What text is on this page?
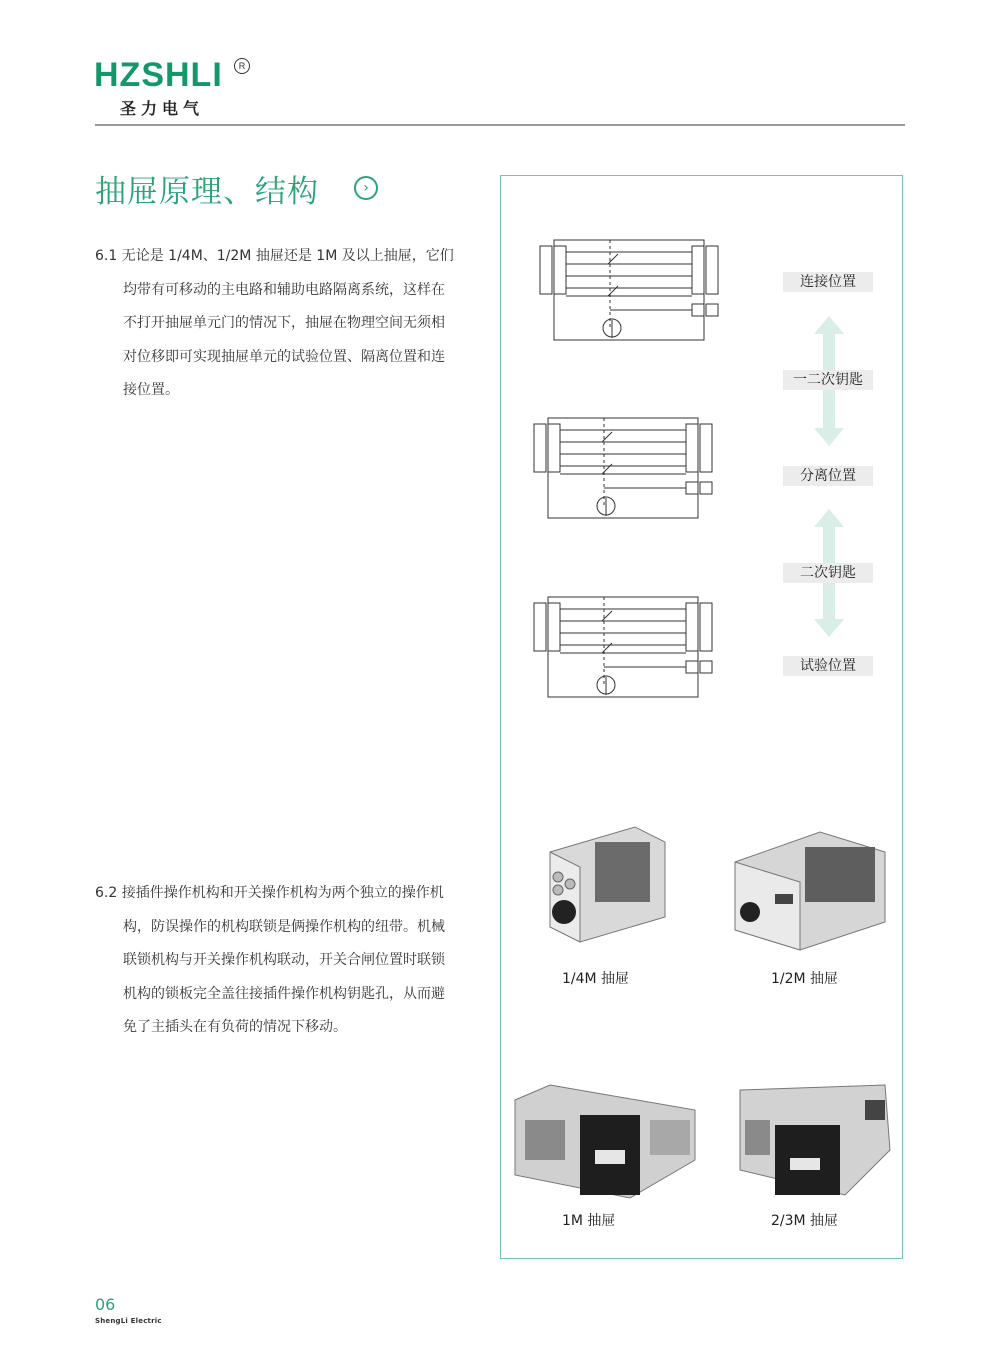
HZSHLI	R
圣力电气
抽屉原理、结构	›
6.1 无论是 1/4M、1/2M 抽屉还是 1M 及以上抽屉，它们
均带有可移动的主电路和辅助电路隔离系统，这样在
不打开抽屉单元门的情况下，抽屉在物理空间无须相
对位移即可实现抽屉单元的试验位置、隔离位置和连
接位置。
6.2 接插件操作机构和开关操作机构为两个独立的操作机
构，防误操作的机构联锁是俩操作机构的纽带。机械
联锁机构与开关操作机构联动，开关合闸位置时联锁
机构的锁板完全盖往接插件操作机构钥匙孔，从而避
免了主插头在有负荷的情况下移动。
连接位置
一二次钥匙
分离位置
二次钥匙
试验位置
1/4M 抽屉	1/2M 抽屉
1M 抽屉	2/3M 抽屉
06
ShengLi Electric
